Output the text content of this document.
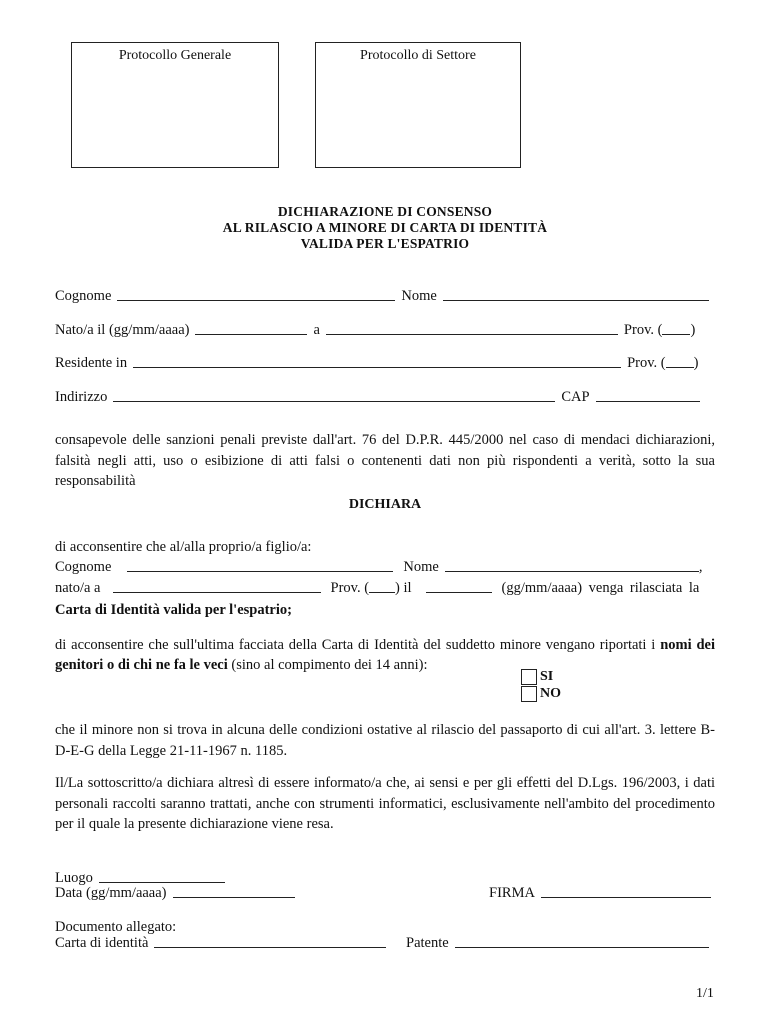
Protocollo Generale	Protocollo di Settore
DICHIARAZIONE DI CONSENSO
AL RILASCIO A MINORE DI CARTA DI IDENTITÀ
VALIDA PER L'ESPATRIO
Cognome	Nome
Nato/a il (gg/mm/aaaa)	a	Prov. ( )
Residente in	Prov. ( )
Indirizzo	CAP
consapevole delle sanzioni penali previste dall'art. 76 del D.P.R. 445/2000 nel caso di mendaci dichiarazioni, falsità negli atti, uso o esibizione di atti falsi o contenenti dati non più rispondenti a verità, sotto la sua responsabilità
DICHIARA
di acconsentire che al/alla proprio/a figlio/a:
Cognome	Nome	,
nato/a a	Prov. ( ) il	(gg/mm/aaaa) venga rilasciata la
Carta di Identità valida per l'espatrio;
di acconsentire che sull'ultima facciata della Carta di Identità del suddetto minore vengano riportati i nomi dei genitori o di chi ne fa le veci (sino al compimento dei 14 anni):
SI
NO
che il minore non si trova in alcuna delle condizioni ostative al rilascio del passaporto di cui all'art. 3. lettere B-D-E-G della Legge 21-11-1967 n. 1185.
Il/La sottoscritto/a dichiara altresì di essere informato/a che, ai sensi e per gli effetti del D.Lgs. 196/2003, i dati personali raccolti saranno trattati, anche con strumenti informatici, esclusivamente nell'ambito del procedimento per il quale la presente dichiarazione viene resa.
Luogo
Data (gg/mm/aaaa)	FIRMA
Documento allegato:
Carta di identità	Patente
1/1
